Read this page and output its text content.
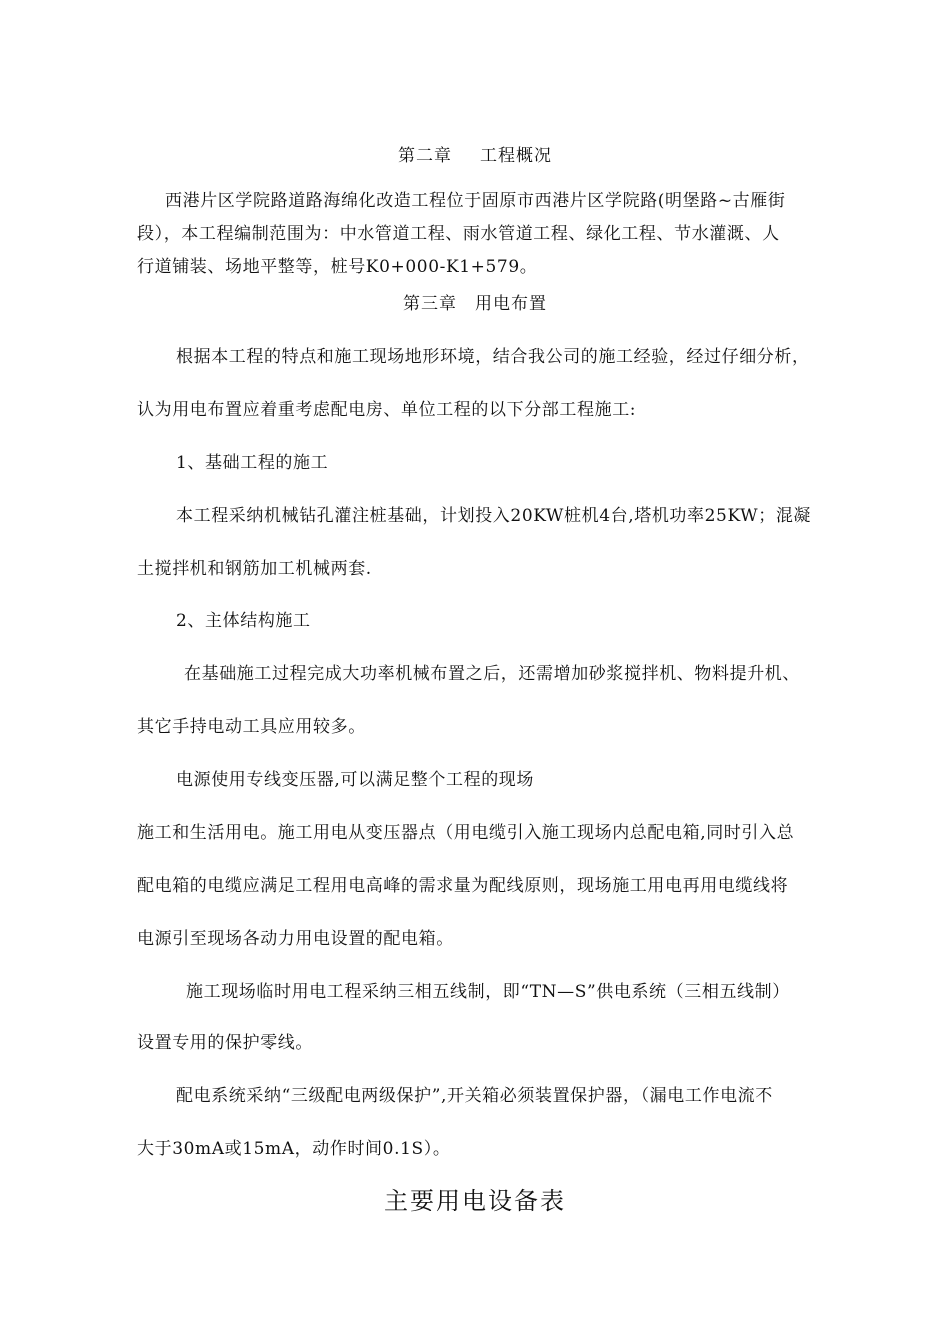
第二章 工程概况
西港片区学院路道路海绵化改造工程位于固原市西港片区学院路(明堡路~古雁街
段），本工程编制范围为：中水管道工程、雨水管道工程、绿化工程、节水灌溉、人
行道铺装、场地平整等，桩号K0+000-K1+579。
第三章 用电布置
根据本工程的特点和施工现场地形环境，结合我公司的施工经验，经过仔细分析，
认为用电布置应着重考虑配电房、单位工程的以下分部工程施工:
1、基础工程的施工
本工程采纳机械钻孔灌注桩基础，计划投入20KW桩机4台,塔机功率25KW；混凝
土搅拌机和钢筋加工机械两套.
2、主体结构施工
在基础施工过程完成大功率机械布置之后，还需增加砂浆搅拌机、物料提升机、
其它手持电动工具应用较多。
电源使用专线变压器,可以满足整个工程的现场
施工和生活用电。施工用电从变压器点（用电缆引入施工现场内总配电箱,同时引入总
配电箱的电缆应满足工程用电高峰的需求量为配线原则，现场施工用电再用电缆线将
电源引至现场各动力用电设置的配电箱。
施工现场临时用电工程采纳三相五线制，即“TN—S”供电系统（三相五线制）
设置专用的保护零线。
配电系统采纳“三级配电两级保护”,开关箱必须装置保护器，（漏电工作电流不
大于30mA或15mA，动作时间0.1S）。
主要用电设备表
